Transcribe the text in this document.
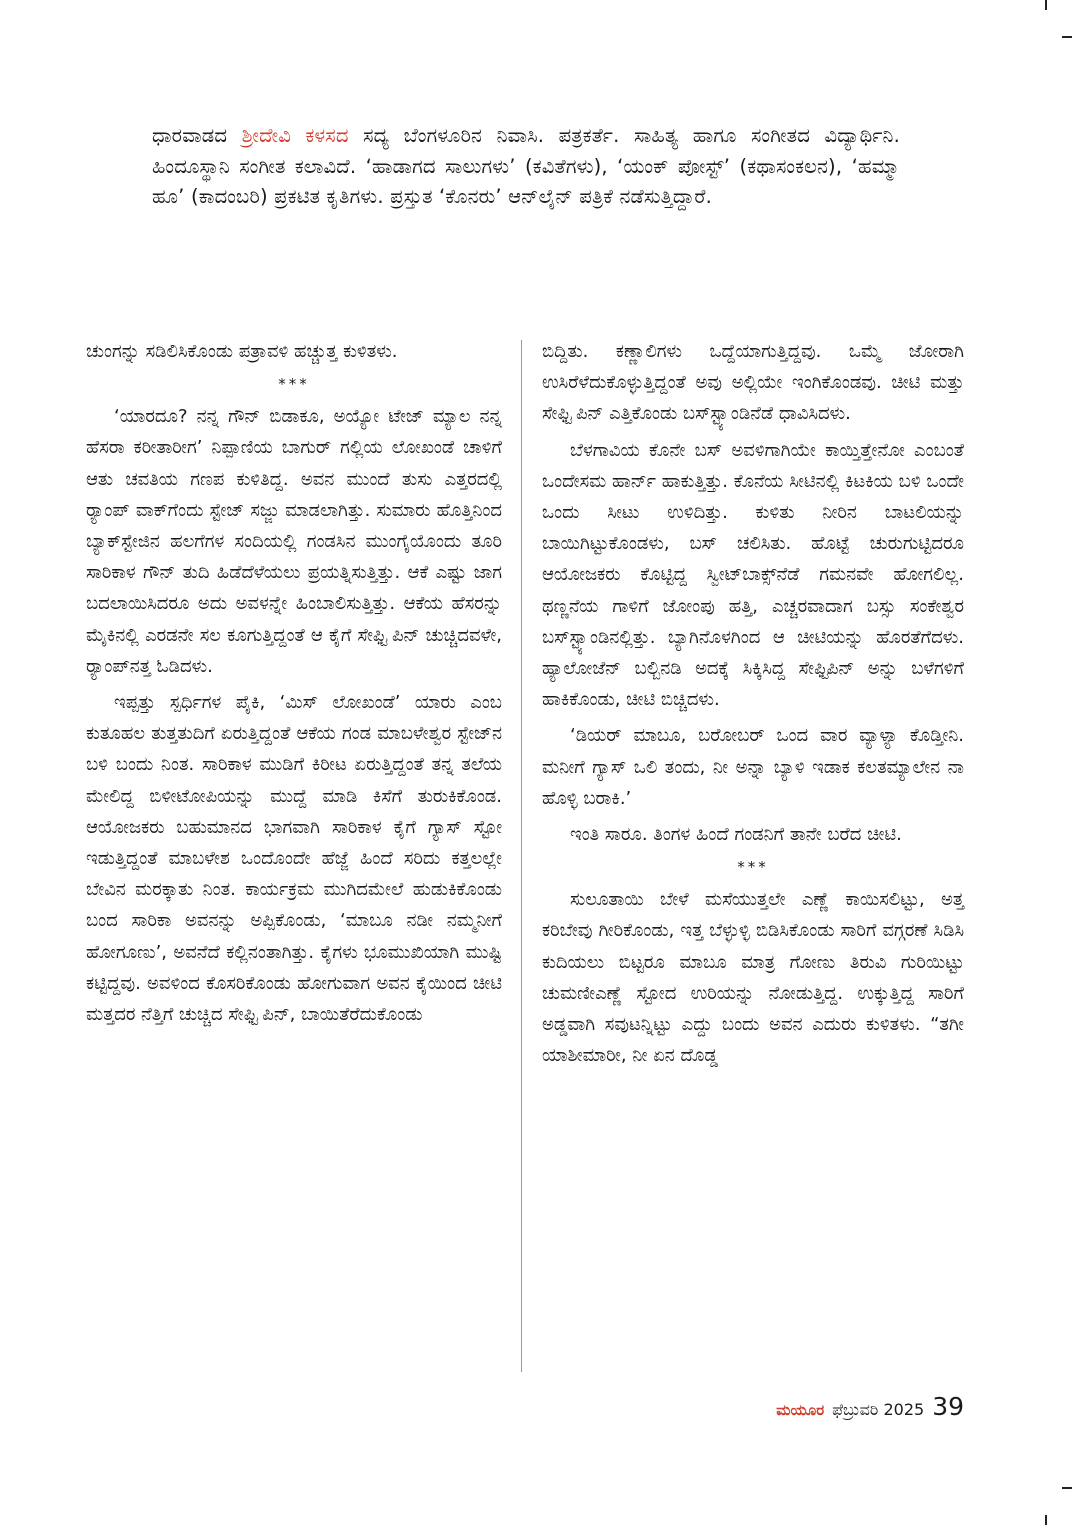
ಧಾರವಾಡದ ಶ್ರೀದೇವಿ ಕಳಸದ ಸದ್ಯ ಬೆಂಗಳೂರಿನ ನಿವಾಸಿ. ಪತ್ರಕರ್ತೆ. ಸಾಹಿತ್ಯ ಹಾಗೂ ಸಂಗೀತದ ವಿದ್ಯಾರ್ಥಿನಿ. ಹಿಂದೂಸ್ಥಾನಿ ಸಂಗೀತ ಕಲಾವಿದೆ. ‘ಹಾಡಾಗದ ಸಾಲುಗಳು’ (ಕವಿತೆಗಳು), ‘ಯಂಕ್ ಪೋಸ್ಟ್’ (ಕಥಾಸಂಕಲನ), ‘ಹಮ್ಮಾ ಹೂ’ (ಕಾದಂಬರಿ) ಪ್ರಕಟಿತ ಕೃತಿಗಳು. ಪ್ರಸ್ತುತ ‘ಕೊನರು’ ಆನ್‌ಲೈನ್ ಪತ್ರಿಕೆ ನಡೆಸುತ್ತಿದ್ದಾರೆ.

ಚುಂಗನ್ನು ಸಡಿಲಿಸಿಕೊಂಡು ಪತ್ರಾವಳಿ ಹಚ್ಚುತ್ತ ಕುಳಿತಳು.

***

‘ಯಾರದೂ? ನನ್ನ ಗೌನ್ ಬಿಡಾಕೂ, ಅಯ್ಯೋ ಟೇಜ್ ಮ್ಯಾಲ ನನ್ನ ಹೆಸರಾ ಕರೀತಾರೀಗ’ ನಿಪ್ಪಾಣಿಯ ಬಾಗುರ್ ಗಲ್ಲಿಯ ಲೋಖಂಡೆ ಚಾಳಿಗೆ ಆತು ಚವತಿಯ ಗಣಪ ಕುಳಿತಿದ್ದ. ಅವನ ಮುಂದೆ ತುಸು ಎತ್ತರದಲ್ಲಿ ರ್‍ಯಾಂಪ್ ವಾಕ್‌ಗೆಂದು ಸ್ಟೇಜ್ ಸಜ್ಜು ಮಾಡಲಾಗಿತ್ತು. ಸುಮಾರು ಹೊತ್ತಿನಿಂದ ಬ್ಯಾಕ್‌ಸ್ಟೇಜಿನ ಹಲಗೆಗಳ ಸಂದಿಯಲ್ಲಿ ಗಂಡಸಿನ ಮುಂಗೈಯೊಂದು ತೂರಿ ಸಾರಿಕಾಳ ಗೌನ್ ತುದಿ ಹಿಡೆದೆಳೆಯಲು ಪ್ರಯತ್ನಿಸುತ್ತಿತ್ತು. ಆಕೆ ಎಷ್ಟು ಜಾಗ ಬದಲಾಯಿಸಿದರೂ ಅದು ಅವಳನ್ನೇ ಹಿಂಬಾಲಿಸುತ್ತಿತ್ತು. ಆಕೆಯ ಹೆಸರನ್ನು ಮೈಕಿನಲ್ಲಿ ಎರಡನೇ ಸಲ ಕೂಗುತ್ತಿದ್ದಂತೆ ಆ ಕೈಗೆ ಸೇಫ್ಟಿ ಪಿನ್ ಚುಚ್ಚಿದವಳೇ, ರ್‍ಯಾಂಪ್‌ನತ್ತ ಓಡಿದಳು.

ಇಪ್ಪತ್ತು ಸ್ಪರ್ಧಿಗಳ ಪೈಕಿ, ‘ಮಿಸ್ ಲೋಖಂಡೆ’ ಯಾರು ಎಂಬ ಕುತೂಹಲ ತುತ್ತತುದಿಗೆ ಏರುತ್ತಿದ್ದಂತೆ ಆಕೆಯ ಗಂಡ ಮಾಬಳೇಶ್ವರ ಸ್ಟೇಜ್‌ನ ಬಳಿ ಬಂದು ನಿಂತ. ಸಾರಿಕಾಳ ಮುಡಿಗೆ ಕಿರೀಟ ಏರುತ್ತಿದ್ದಂತೆ ತನ್ನ ತಲೆಯ ಮೇಲಿದ್ದ ಬಿಳೀಟೋಪಿಯನ್ನು ಮುದ್ದೆ ಮಾಡಿ ಕಿಸೆಗೆ ತುರುಕಿಕೊಂಡ. ಆಯೋಜಕರು ಬಹುಮಾನದ ಭಾಗವಾಗಿ ಸಾರಿಕಾಳ ಕೈಗೆ ಗ್ಯಾಸ್ ಸ್ಟೋ ಇಡುತ್ತಿದ್ದಂತೆ ಮಾಬಳೇಶ ಒಂದೊಂದೇ ಹೆಜ್ಜೆ ಹಿಂದೆ ಸರಿದು ಕತ್ತಲಲ್ಲೇ ಬೇವಿನ ಮರಕ್ಕಾತು ನಿಂತ. ಕಾರ್ಯಕ್ರಮ ಮುಗಿದಮೇಲೆ ಹುಡುಕಿಕೊಂಡು ಬಂದ ಸಾರಿಕಾ ಅವನನ್ನು ಅಪ್ಪಿಕೊಂಡು, ‘ಮಾಬೂ ನಡೀ ನಮ್ಮನೀಗೆ ಹೋಗೂಣು’, ಅವನೆದೆ ಕಲ್ಲಿನಂತಾಗಿತ್ತು. ಕೈಗಳು ಭೂಮುಖಿಯಾಗಿ ಮುಷ್ಟಿ ಕಟ್ಟಿದ್ದವು. ಅವಳಿಂದ ಕೊಸರಿಕೊಂಡು ಹೋಗುವಾಗ ಅವನ ಕೈಯಿಂದ ಚೀಟಿ ಮತ್ತದರ ನೆತ್ತಿಗೆ ಚುಚ್ಚಿದ ಸೇಫ್ಟಿ ಪಿನ್, ಬಾಯಿತೆರೆದುಕೊಂಡು

ಬಿದ್ದಿತು. ಕಣ್ಣಾಲಿಗಳು ಒದ್ದೆಯಾಗುತ್ತಿದ್ದವು. ಒಮ್ಮೆ ಜೋರಾಗಿ ಉಸಿರೆಳೆದುಕೊಳ್ಳುತ್ತಿದ್ದಂತೆ ಅವು ಅಲ್ಲಿಯೇ ಇಂಗಿಕೊಂಡವು. ಚೀಟಿ ಮತ್ತು ಸೇಫ್ಟಿ ಪಿನ್ ಎತ್ತಿಕೊಂಡು ಬಸ್‌ಸ್ಟ್ಯಾಂಡಿನೆಡೆ ಧಾವಿಸಿದಳು.

ಬೆಳಗಾವಿಯ ಕೊನೇ ಬಸ್ ಅವಳಿಗಾಗಿಯೇ ಕಾಯ್ತಿತ್ತೇನೋ ಎಂಬಂತೆ ಒಂದೇಸಮ ಹಾರ್ನ್ ಹಾಕುತ್ತಿತ್ತು. ಕೊನೆಯ ಸೀಟಿನಲ್ಲಿ ಕಿಟಕಿಯ ಬಳಿ ಒಂದೇ ಒಂದು ಸೀಟು ಉಳಿದಿತ್ತು. ಕುಳಿತು ನೀರಿನ ಬಾಟಲಿಯನ್ನು ಬಾಯಿಗಿಟ್ಟುಕೊಂಡಳು, ಬಸ್ ಚಲಿಸಿತು. ಹೊಟ್ಟೆ ಚುರುಗುಟ್ಟಿದರೂ ಆಯೋಜಕರು ಕೊಟ್ಟಿದ್ದ ಸ್ವೀಟ್‌ಬಾಕ್ಸ್‌ನೆಡೆ ಗಮನವೇ ಹೋಗಲಿಲ್ಲ. ಥಣ್ಣನೆಯ ಗಾಳಿಗೆ ಜೋಂಪು ಹತ್ತಿ, ಎಚ್ಚರವಾದಾಗ ಬಸ್ಸು ಸಂಕೇಶ್ವರ ಬಸ್‌ಸ್ಟ್ಯಾಂಡಿನಲ್ಲಿತ್ತು. ಬ್ಯಾಗಿನೊಳಗಿಂದ ಆ ಚೀಟಿಯನ್ನು ಹೊರತೆಗೆದಳು. ಹ್ಯಾಲೋಜೆನ್ ಬಲ್ಬಿನಡಿ ಅದಕ್ಕೆ ಸಿಕ್ಕಿಸಿದ್ದ ಸೇಫ್ಟಿಪಿನ್ ಅನ್ನು ಬಳೆಗಳಿಗೆ ಹಾಕಿಕೊಂಡು, ಚೀಟಿ ಬಿಚ್ಚಿದಳು.

‘ಡಿಯರ್ ಮಾಬೂ, ಬರೋಬರ್ ಒಂದ ವಾರ ವ್ಯಾಳ್ಯಾ ಕೊಡ್ತೀನಿ. ಮನೀಗೆ ಗ್ಯಾಸ್ ಒಲಿ ತಂದು, ನೀ ಅನ್ನಾ ಬ್ಯಾಳಿ ಇಡಾಕ ಕಲತಮ್ಯಾಲೇನ ನಾ ಹೊಳ್ಳಿ ಬರಾಕಿ.’

ಇಂತಿ ಸಾರೂ. ತಿಂಗಳ ಹಿಂದೆ ಗಂಡನಿಗೆ ತಾನೇ ಬರೆದ ಚೀಟಿ.

***

ಸುಲೂತಾಯಿ ಬೇಳೆ ಮಸೆಯುತ್ತಲೇ ಎಣ್ಣೆ ಕಾಯಿಸಲಿಟ್ಟು, ಅತ್ತ ಕರಿಬೇವು ಗೀರಿಕೊಂಡು, ಇತ್ತ ಬೆಳ್ಳುಳ್ಳಿ ಬಿಡಿಸಿಕೊಂಡು ಸಾರಿಗೆ ವಗ್ಗರಣೆ ಸಿಡಿಸಿ ಕುದಿಯಲು ಬಿಟ್ಟರೂ ಮಾಬೂ ಮಾತ್ರ ಗೋಣು ತಿರುವಿ ಗುರಿಯಿಟ್ಟು ಚುಮಣೀಎಣ್ಣೆ ಸ್ಟೋದ ಉರಿಯನ್ನು ನೋಡುತ್ತಿದ್ದ. ಉಕ್ಕುತ್ತಿದ್ದ ಸಾರಿಗೆ ಅಡ್ಡವಾಗಿ ಸವುಟನ್ನಿಟ್ಟು ಎದ್ದು ಬಂದು ಅವನ ಎದುರು ಕುಳಿತಳು. “ತಗೀ ಯಾಶೀಮಾರೀ, ನೀ ಏನ ದೊಡ್ಡ

ಮಯೂರ ಫೆಬ್ರುವರಿ 2025 39
